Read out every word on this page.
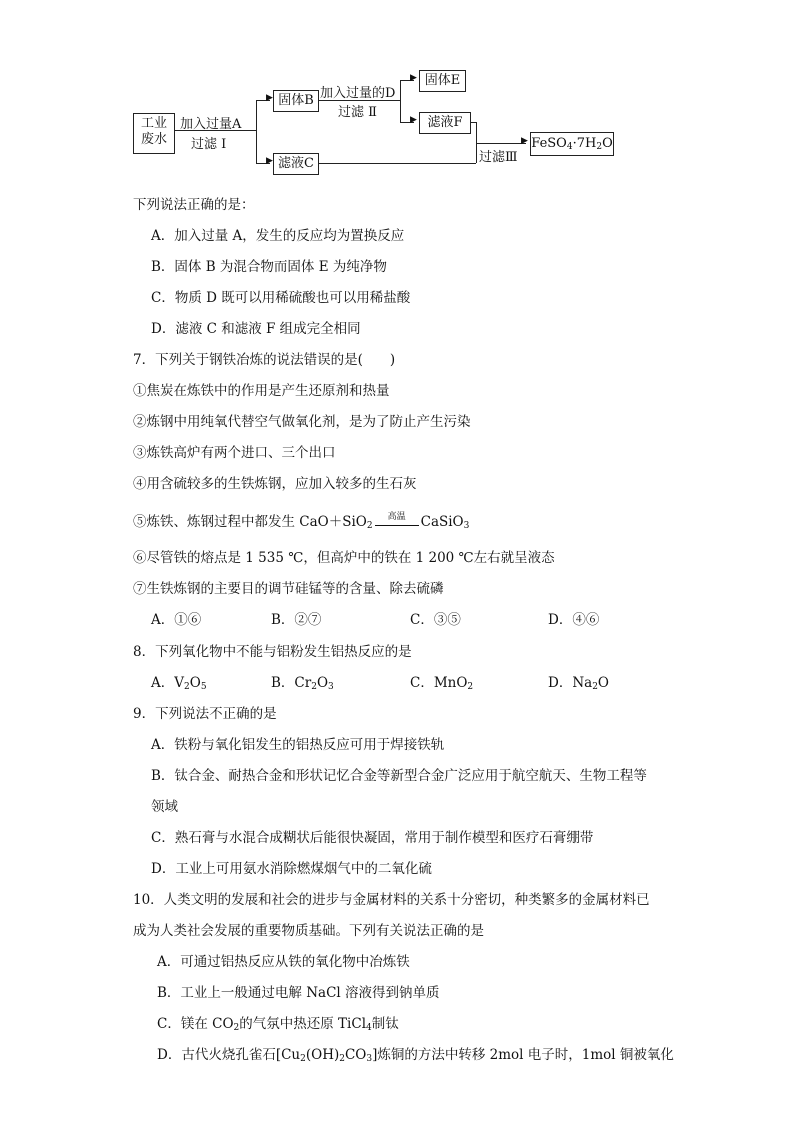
工业
废水
加入过量A
过滤 Ⅰ
▶
▶
固体B
滤液C
加入过量的D
过滤 Ⅱ
▶
▶
固体E
滤液F
▶
过滤Ⅲ
$FeSO_4\cdot 7H_2O$
下列说法正确的是：
A．加入过量 A，发生的反应均为置换反应
B．固体 B 为混合物而固体 E 为纯净物
C．物质 D 既可以用稀硫酸也可以用稀盐酸
D．滤液 C 和滤液 F 组成完全相同
7．下列关于钢铁冶炼的说法错误的是(　　)
①焦炭在炼铁中的作用是产生还原剂和热量
②炼钢中用纯氧代替空气做氧化剂，是为了防止产生污染
③炼铁高炉有两个进口、三个出口
④用含硫较多的生铁炼钢，应加入较多的生石灰
⑤炼铁、炼钢过程中都发生 CaO＋SiO$_2$
高温	CaSiO$_3$
⑥尽管铁的熔点是 1 535 ℃，但高炉中的铁在 1 200 ℃左右就呈液态
⑦生铁炼钢的主要目的调节硅锰等的含量、除去硫磷
A．①⑥	B．②⑦	C．③⑤	D．④⑥
8．下列氧化物中不能与铝粉发生铝热反应的是
A．$V_2O_5$	B．$Cr_2O_3$	C．MnO$_2$	D．$Na_2O$
9．下列说法不正确的是
A．铁粉与氧化铝发生的铝热反应可用于焊接铁轨
B．钛合金、耐热合金和形状记忆合金等新型合金广泛应用于航空航天、生物工程等
领域
C．熟石膏与水混合成糊状后能很快凝固，常用于制作模型和医疗石膏绷带
D．工业上可用氨水消除燃煤烟气中的二氧化硫
10．人类文明的发展和社会的进步与金属材料的关系十分密切，种类繁多的金属材料已
成为人类社会发展的重要物质基础。下列有关说法正确的是
A．可通过铝热反应从铁的氧化物中冶炼铁
B．工业上一般通过电解 NaCl 溶液得到钠单质
C．镁在 $CO_2$的气氛中热还原 TiCl$_4$制钛
D．古代火烧孔雀石$[Cu_2(OH)_2CO_3]$炼铜的方法中转移 2mol 电子时，1mol 铜被氧化
